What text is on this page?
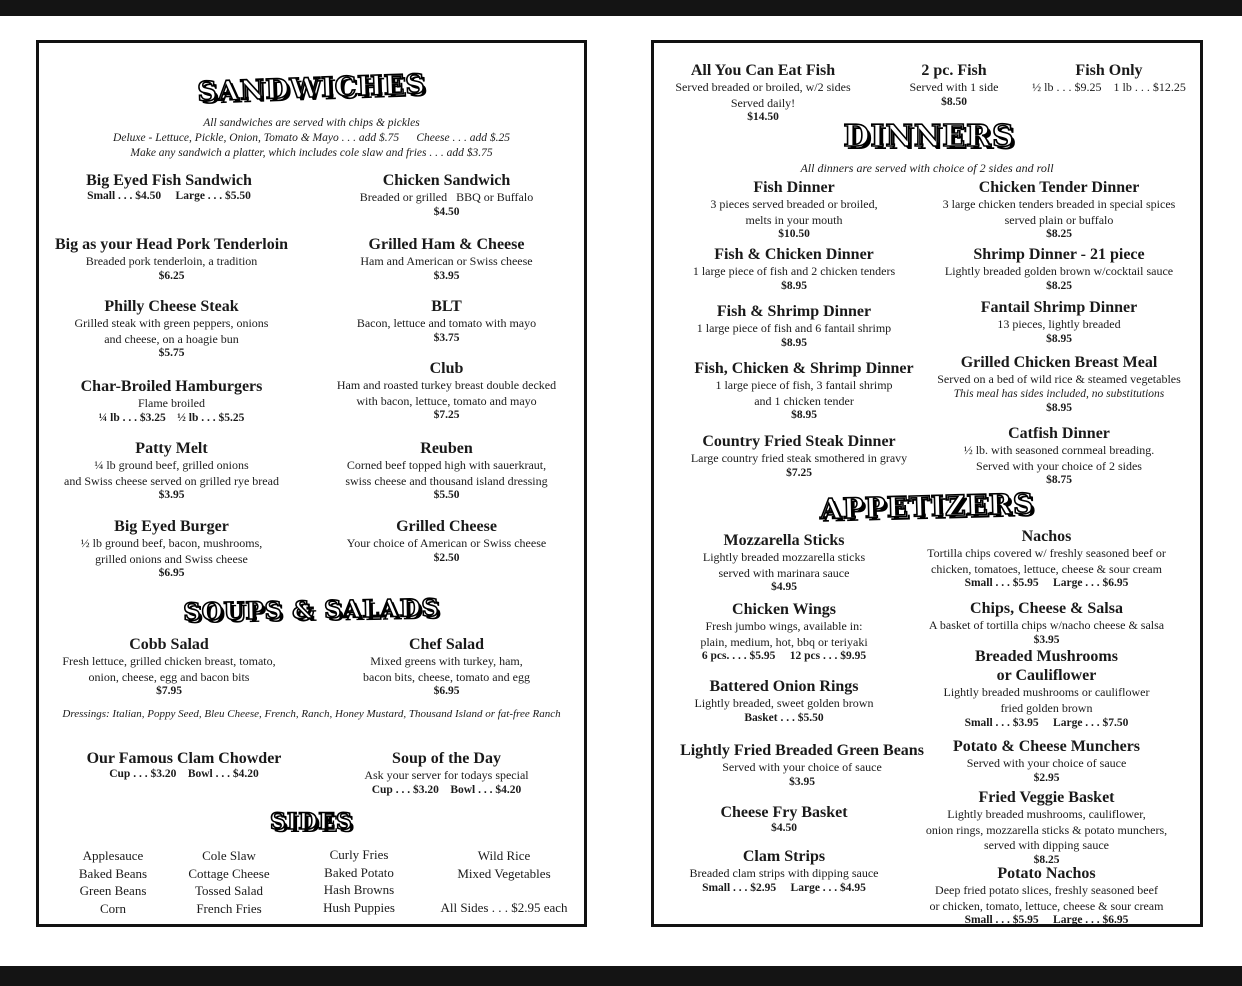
SANDWICHES
All sandwiches are served with chips & pickles
Deluxe - Lettuce, Pickle, Onion, Tomato & Mayo . . . add $.75      Cheese . . . add $.25
Make any sandwich a platter, which includes cole slaw and fries . . . add $3.75
Big Eyed Fish Sandwich
Small . . . $4.50     Large . . . $5.50
Chicken Sandwich
Breaded or grilled   BBQ or Buffalo
$4.50
Big as your Head Pork Tenderloin
Breaded pork tenderloin, a tradition
$6.25
Grilled Ham & Cheese
Ham and American or Swiss cheese
$3.95
Philly Cheese Steak
Grilled steak with green peppers, onions
and cheese, on a hoagie bun
$5.75
BLT
Bacon, lettuce and tomato with mayo
$3.75
Club
Ham and roasted turkey breast double decked
with bacon, lettuce, tomato and mayo
$7.25
Char-Broiled Hamburgers
Flame broiled
¼ lb . . . $3.25    ½ lb . . . $5.25
Patty Melt
¼ lb ground beef, grilled onions
and Swiss cheese served on grilled rye bread
$3.95
Reuben
Corned beef topped high with sauerkraut,
swiss cheese and thousand island dressing
$5.50
Big Eyed Burger
½ lb ground beef, bacon, mushrooms,
grilled onions and Swiss cheese
$6.95
Grilled Cheese
Your choice of American or Swiss cheese
$2.50
SOUPS & SALADS
Cobb Salad
Fresh lettuce, grilled chicken breast, tomato,
onion, cheese, egg and bacon bits
$7.95
Chef Salad
Mixed greens with turkey, ham,
bacon bits, cheese, tomato and egg
$6.95
Our Famous Clam Chowder
Cup . . . $3.20    Bowl . . . $4.20
Soup of the Day
Ask your server for todays special
Cup . . . $3.20    Bowl . . . $4.20
Dressings: Italian, Poppy Seed, Bleu Cheese, French, Ranch, Honey Mustard, Thousand Island or fat-free Ranch
SIDES
Applesauce
Baked Beans
Green Beans
Corn
Cole Slaw
Cottage Cheese
Tossed Salad
French Fries
Curly Fries
Baked Potato
Hash Browns
Hush Puppies
Wild Rice
Mixed Vegetables
All Sides . . . $2.95 each
All You Can Eat Fish
Served breaded or broiled, w/2 sides
Served daily!
$14.50
2 pc. Fish
Served with 1 side
$8.50
Fish Only
½ lb . . . $9.25    1 lb . . . $12.25
DINNERS
All dinners are served with choice of 2 sides and roll
Fish Dinner
3 pieces served breaded or broiled,
melts in your mouth
$10.50
Chicken Tender Dinner
3 large chicken tenders breaded in special spices
served plain or buffalo
$8.25
Fish & Chicken Dinner
1 large piece of fish and 2 chicken tenders
$8.95
Shrimp Dinner - 21 piece
Lightly breaded golden brown w/cocktail sauce
$8.25
Fish & Shrimp Dinner
1 large piece of fish and 6 fantail shrimp
$8.95
Fantail Shrimp Dinner
13 pieces, lightly breaded
$8.95
Fish, Chicken & Shrimp Dinner
1 large piece of fish, 3 fantail shrimp
and 1 chicken tender
$8.95
Grilled Chicken Breast Meal
Served on a bed of wild rice & steamed vegetables
This meal has sides included, no substitutions
$8.95
Country Fried Steak Dinner
Large country fried steak smothered in gravy
$7.25
Catfish Dinner
½ lb. with seasoned cornmeal breading.
Served with your choice of 2 sides
$8.75
APPETIZERS
Mozzarella Sticks
Lightly breaded mozzarella sticks
served with marinara sauce
$4.95
Nachos
Tortilla chips covered w/ freshly seasoned beef or
chicken, tomatoes, lettuce, cheese & sour cream
Small . . . $5.95     Large . . . $6.95
Chicken Wings
Fresh jumbo wings, available in:
plain, medium, hot, bbq or teriyaki
6 pcs. . . . $5.95     12 pcs . . . $9.95
Chips, Cheese & Salsa
A basket of tortilla chips w/nacho cheese & salsa
$3.95
Breaded Mushrooms
or Cauliflower
Lightly breaded mushrooms or cauliflower
fried golden brown
Small . . . $3.95     Large . . . $7.50
Battered Onion Rings
Lightly breaded, sweet golden brown
Basket . . . $5.50
Lightly Fried Breaded Green Beans
Served with your choice of sauce
$3.95
Potato & Cheese Munchers
Served with your choice of sauce
$2.95
Cheese Fry Basket
$4.50
Fried Veggie Basket
Lightly breaded mushrooms, cauliflower,
onion rings, mozzarella sticks & potato munchers,
served with dipping sauce
$8.25
Clam Strips
Breaded clam strips with dipping sauce
Small . . . $2.95     Large . . . $4.95
Potato Nachos
Deep fried potato slices, freshly seasoned beef
or chicken, tomato, lettuce, cheese & sour cream
Small . . . $5.95     Large . . . $6.95
